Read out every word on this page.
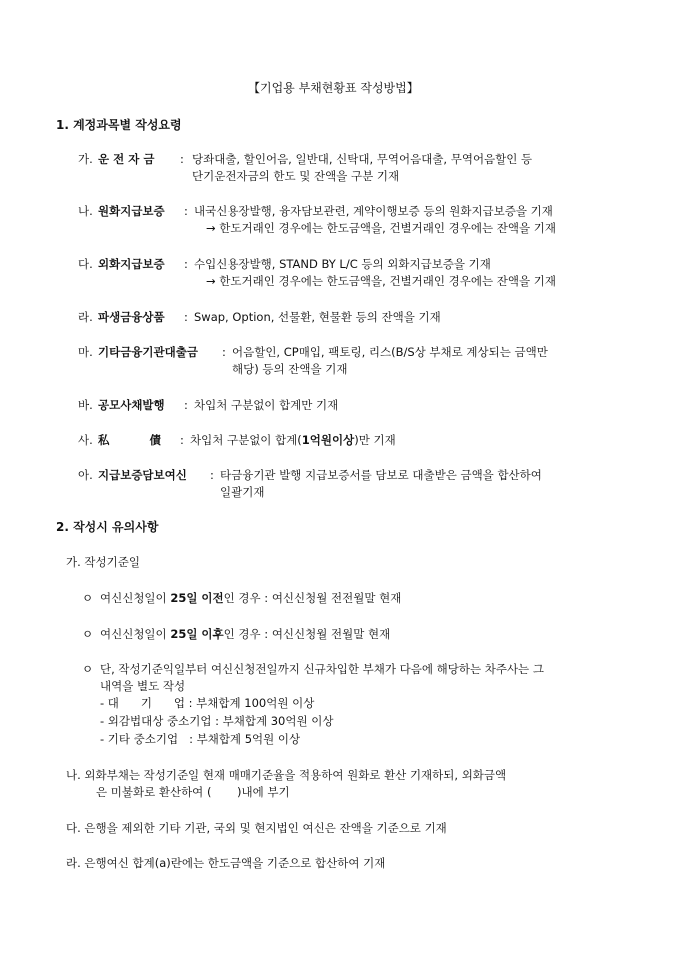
【기업용 부채현황표 작성방법】
1. 계정과목별 작성요령
가. 운 전 자 금 : 당좌대출, 할인어음, 일반대, 신탁대, 무역어음대출, 무역어음할인 등
단기운전자금의 한도 및 잔액을 구분 기재
나. 원화지급보증 : 내국신용장발행, 융자담보관련, 계약이행보증 등의 원화지급보증을 기재
→ 한도거래인 경우에는 한도금액을, 건별거래인 경우에는 잔액을 기재
다. 외화지급보증 : 수입신용장발행, STAND BY L/C 등의 외화지급보증을 기재
→ 한도거래인 경우에는 한도금액을, 건별거래인 경우에는 잔액을 기재
라. 파생금융상품 : Swap, Option, 선물환, 현물환 등의 잔액을 기재
마. 기타금융기관대출금 : 어음할인, CP매입, 팩토링, 리스(B/S상 부채로 계상되는 금액만
해당) 등의 잔액을 기재
바. 공모사채발행 : 차입처 구분없이 합계만 기재
사. 私          債 : 차입처 구분없이 합계(1억원이상)만 기재
아. 지급보증담보여신 : 타금융기관 발행 지급보증서를 담보로 대출받은 금액을 합산하여
일괄기재
2. 작성시 유의사항
가. 작성기준일
ㅇ 여신신청일이 25일 이전인 경우 : 여신신청월 전전월말 현재
ㅇ 여신신청일이 25일 이후인 경우 : 여신신청월 전월말 현재
ㅇ 단, 작성기준익일부터 여신신청전일까지 신규차입한 부채가 다음에 해당하는 차주사는 그
내역을 별도 작성
- 대      기      업 : 부채합계 100억원 이상
- 외감법대상 중소기업 : 부채합계 30억원 이상
- 기타 중소기업   : 부채합계 5억원 이상
나. 외화부채는 작성기준일 현재 매매기준율을 적용하여 원화로 환산 기재하되, 외화금액
은 미불화로 환산하여 (       )내에 부기
다. 은행을 제외한 기타 기관, 국외 및 현지법인 여신은 잔액을 기준으로 기재
라. 은행여신 합계(a)란에는 한도금액을 기준으로 합산하여 기재
